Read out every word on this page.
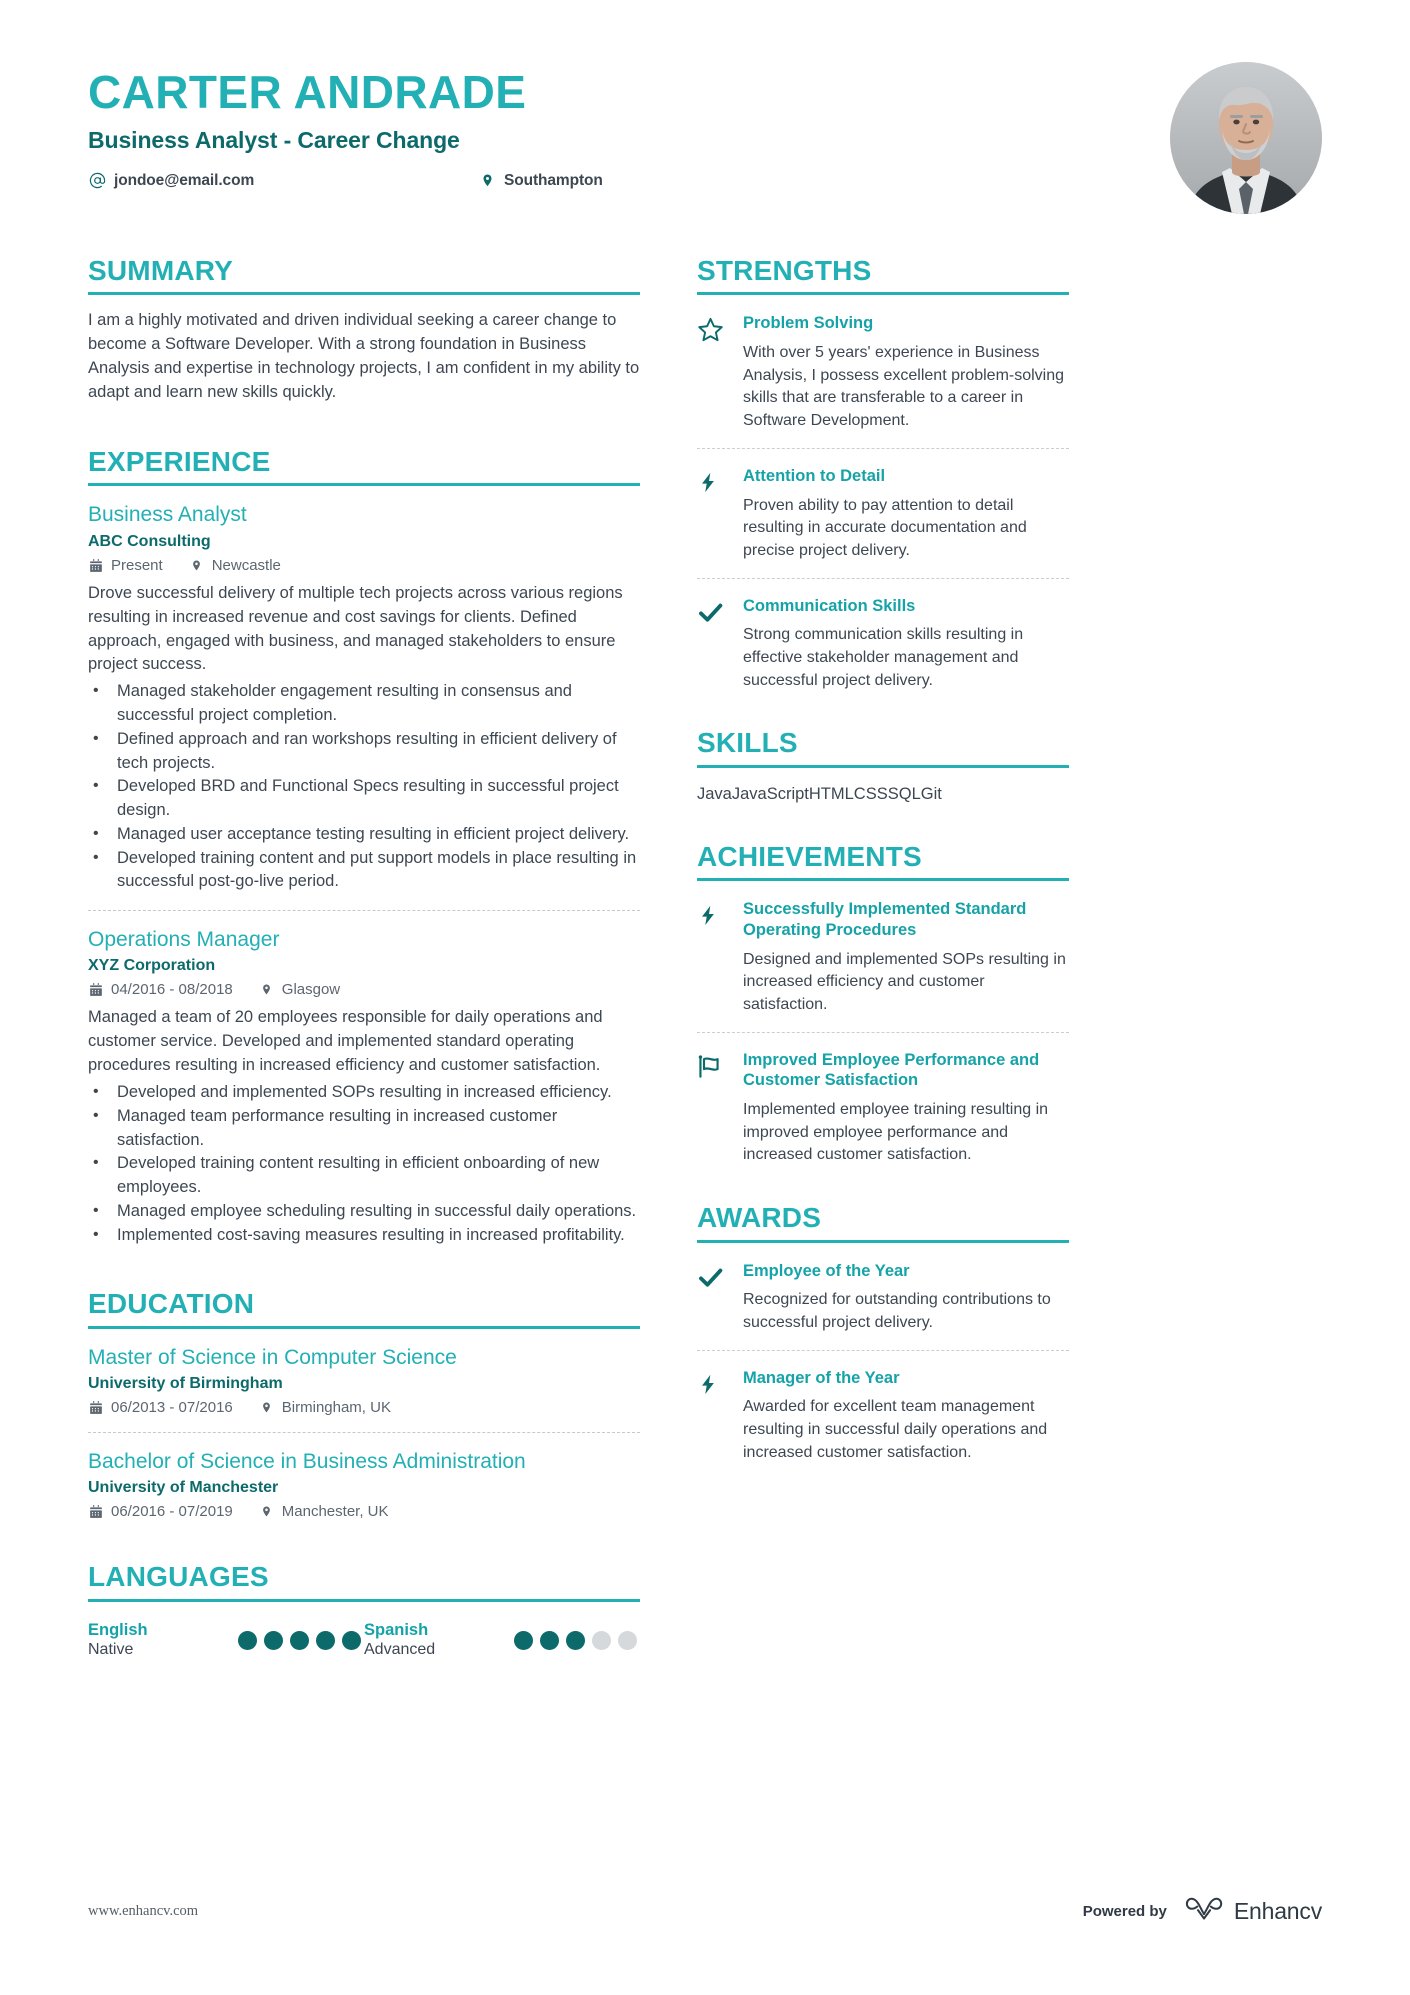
CARTER ANDRADE
Business Analyst - Career Change
jondoe@email.com	Southampton
SUMMARY

I am a highly motivated and driven individual seeking a career change to become a Software Developer. With a strong foundation in Business Analysis and expertise in technology projects, I am confident in my ability to adapt and learn new skills quickly.

EXPERIENCE
Business Analyst
ABC Consulting
Present	Newcastle

Drove successful delivery of multiple tech projects across various regions resulting in increased revenue and cost savings for clients. Defined approach, engaged with business, and managed stakeholders to ensure project success.

• Managed stakeholder engagement resulting in consensus and successful project completion.
• Defined approach and ran workshops resulting in efficient delivery of tech projects.
• Developed BRD and Functional Specs resulting in successful project design.
• Managed user acceptance testing resulting in efficient project delivery.
• Developed training content and put support models in place resulting in successful post-go-live period.
Operations Manager
XYZ Corporation
04/2016 - 08/2018	Glasgow

Managed a team of 20 employees responsible for daily operations and customer service. Developed and implemented standard operating procedures resulting in increased efficiency and customer satisfaction.

• Developed and implemented SOPs resulting in increased efficiency.
• Managed team performance resulting in increased customer satisfaction.
• Developed training content resulting in efficient onboarding of new employees.
• Managed employee scheduling resulting in successful daily operations.
• Implemented cost-saving measures resulting in increased profitability.
EDUCATION
Master of Science in Computer Science
University of Birmingham
06/2013 - 07/2016	Birmingham, UK
Bachelor of Science in Business Administration
University of Manchester
06/2016 - 07/2019	Manchester, UK
LANGUAGES
English
Native
Spanish
Advanced
STRENGTHS
Problem Solving
With over 5 years' experience in Business Analysis, I possess excellent problem-solving skills that are transferable to a career in Software Development.
Attention to Detail
Proven ability to pay attention to detail resulting in accurate documentation and precise project delivery.
Communication Skills
Strong communication skills resulting in effective stakeholder management and successful project delivery.
SKILLS
JavaJavaScriptHTMLCSSSQLGit
ACHIEVEMENTS
Successfully Implemented Standard Operating Procedures
Designed and implemented SOPs resulting in increased efficiency and customer satisfaction.
Improved Employee Performance and Customer Satisfaction
Implemented employee training resulting in improved employee performance and increased customer satisfaction.
AWARDS
Employee of the Year
Recognized for outstanding contributions to successful project delivery.
Manager of the Year
Awarded for excellent team management resulting in successful daily operations and increased customer satisfaction.
www.enhancv.com	Powered by	Enhancv
